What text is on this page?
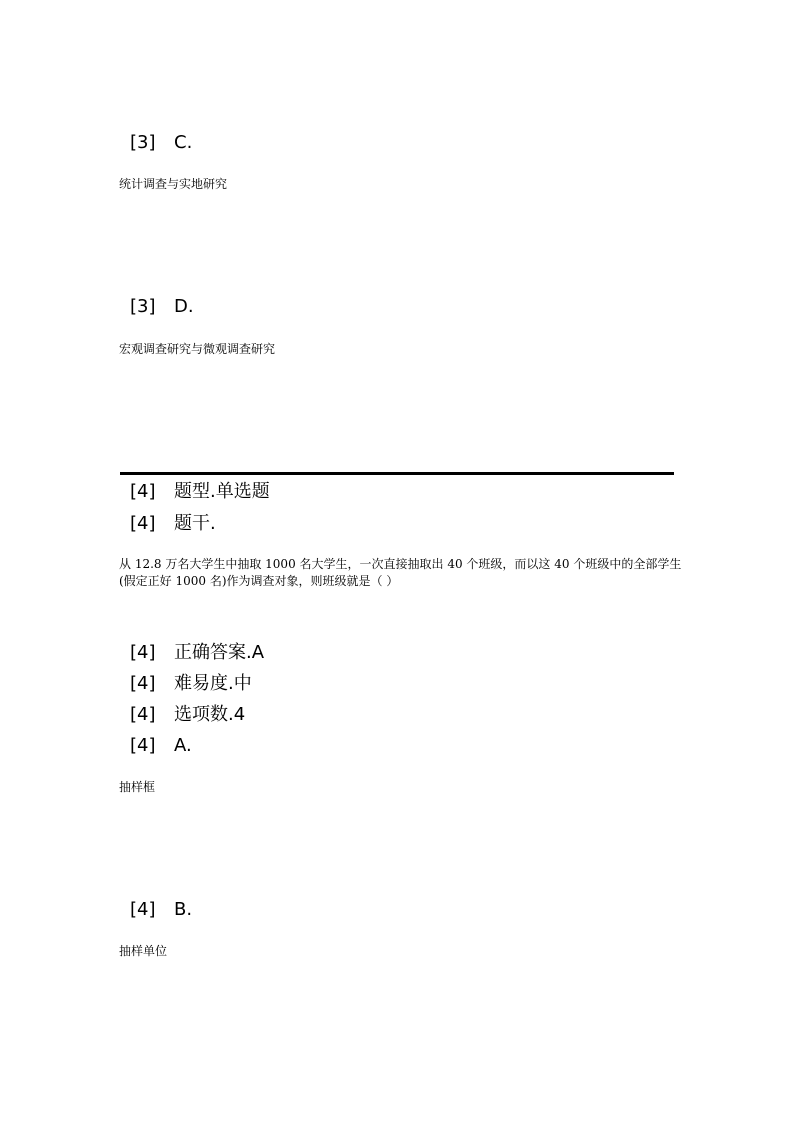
[3] C.
统计调查与实地研究
[3] D.
宏观调查研究与微观调查研究
[4] 题型.单选题
[4] 题干.
从 12.8 万名大学生中抽取 1000 名大学生，一次直接抽取出 40 个班级，而以这 40 个班级中的全部学生
(假定正好 1000 名)作为调查对象，则班级就是（ ）
[4] 正确答案.A
[4] 难易度.中
[4] 选项数.4
[4] A.
抽样框
[4] B.
抽样单位
